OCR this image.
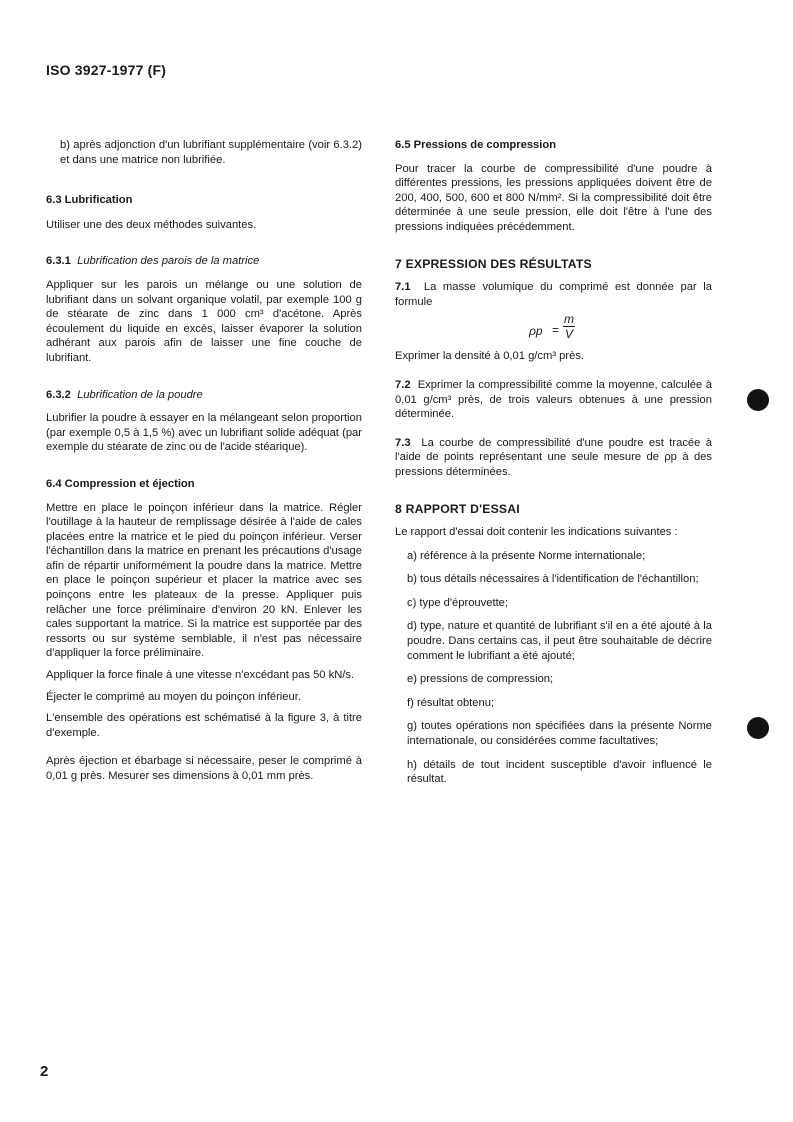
ISO 3927-1977 (F)

b) après adjonction d'un lubrifiant supplémentaire (voir 6.3.2) et dans une matrice non lubrifiée.

6.3 Lubrification

Utiliser une des deux méthodes suivantes.

6.3.1 Lubrification des parois de la matrice

Appliquer sur les parois un mélange ou une solution de lubrifiant dans un solvant organique volatil, par exemple 100 g de stéarate de zinc dans 1 000 cm³ d'acétone. Après écoulement du liquide en excès, laisser évaporer la solution adhérant aux parois afin de laisser une fine couche de lubrifiant.

6.3.2 Lubrification de la poudre

Lubrifier la poudre à essayer en la mélangeant selon proportion (par exemple 0,5 à 1,5 %) avec un lubrifiant solide adéquat (par exemple du stéarate de zinc ou de l'acide stéarique).

6.4 Compression et éjection

Mettre en place le poinçon inférieur dans la matrice. Régler l'outillage à la hauteur de remplissage désirée à l'aide de cales placées entre la matrice et le pied du poinçon inférieur. Verser l'échantillon dans la matrice en prenant les précautions d'usage afin de répartir uniformément la poudre dans la matrice. Mettre en place le poinçon supérieur et placer la matrice avec ses poinçons entre les plateaux de la presse. Appliquer puis relâcher une force préliminaire d'environ 20 kN. Enlever les cales supportant la matrice. Si la matrice est supportée par des ressorts ou sur système semblable, il n'est pas nécessaire d'appliquer la force préliminaire.

Appliquer la force finale à une vitesse n'excédant pas 50 kN/s.

Éjecter le comprimé au moyen du poinçon inférieur.

L'ensemble des opérations est schématisé à la figure 3, à titre d'exemple.

Après éjection et ébarbage si nécessaire, peser le comprimé à 0,01 g près. Mesurer ses dimensions à 0,01 mm près.

6.5 Pressions de compression

Pour tracer la courbe de compressibilité d'une poudre à différentes pressions, les pressions appliquées doivent être de 200, 400, 500, 600 et 800 N/mm². Si la compressibilité doit être déterminée à une seule pression, elle doit l'être à l'une des pressions indiquées précédemment.

7 EXPRESSION DES RÉSULTATS

7.1 La masse volumique du comprimé est donnée par la formule

$\rho p = \frac{m}{V}$

Exprimer la densité à 0,01 g/cm³ près.

7.2 Exprimer la compressibilité comme la moyenne, calculée à 0,01 g/cm³ près, de trois valeurs obtenues à une pression déterminée.

7.3 La courbe de compressibilité d'une poudre est tracée à l'aide de points représentant une seule mesure de ρp à des pressions déterminées.

8 RAPPORT D'ESSAI

Le rapport d'essai doit contenir les indications suivantes :

a) référence à la présente Norme internationale;

b) tous détails nécessaires à l'identification de l'échantillon;

c) type d'éprouvette;

d) type, nature et quantité de lubrifiant s'il en a été ajouté à la poudre. Dans certains cas, il peut être souhaitable de décrire comment le lubrifiant a été ajouté;

e) pressions de compression;

f) résultat obtenu;

g) toutes opérations non spécifiées dans la présente Norme internationale, ou considérées comme facultatives;

h) détails de tout incident susceptible d'avoir influencé le résultat.

2
